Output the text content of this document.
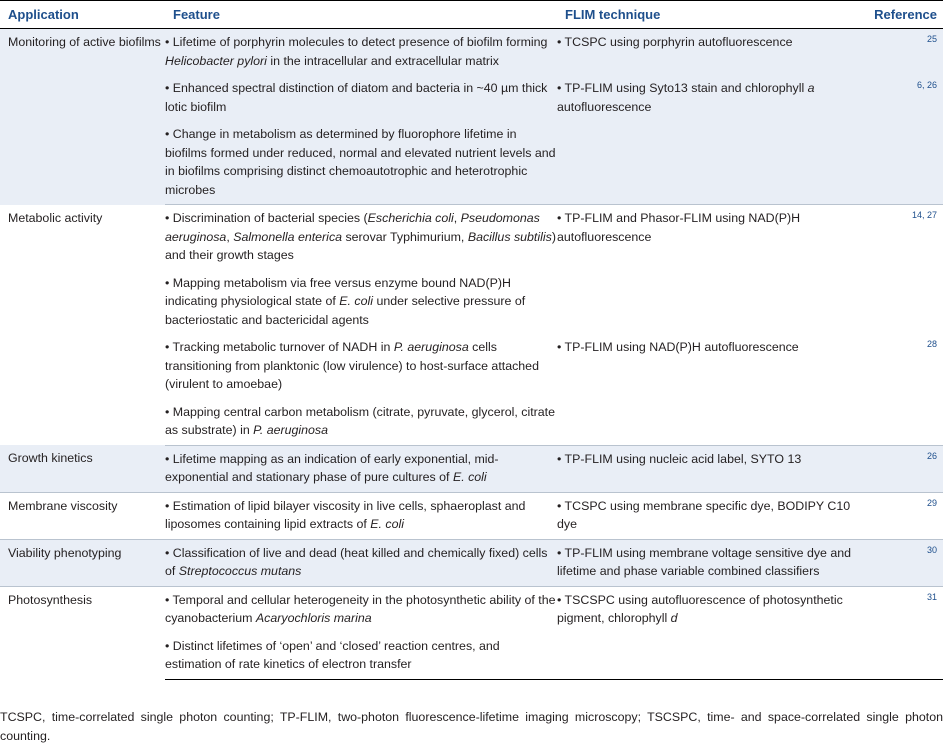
Application	Feature	FLIM technique	Reference
Monitoring of active biofilms	• Lifetime of porphyrin molecules to detect presence of biofilm forming Helicobacter pylori in the intracellular and extracellular matrix	• TCSPC using porphyrin autofluorescence	25

	• Enhanced spectral distinction of diatom and bacteria in ~40 µm thick lotic biofilm	• TP-FLIM using Syto13 stain and chlorophyll a autofluorescence	6, 26

	• Change in metabolism as determined by fluorophore lifetime in biofilms formed under reduced, normal and elevated nutrient levels and in biofilms comprising distinct chemoautotrophic and heterotrophic microbes		

Metabolic activity	• Discrimination of bacterial species (Escherichia coli, Pseudomonas aeruginosa, Salmonella enterica serovar Typhimurium, Bacillus subtilis) and their growth stages	• TP-FLIM and Phasor-FLIM using NAD(P)H autofluorescence	14, 27

	• Mapping metabolism via free versus enzyme bound NAD(P)H indicating physiological state of E. coli under selective pressure of bacteriostatic and bactericidal agents		

	• Tracking metabolic turnover of NADH in P. aeruginosa cells transitioning from planktonic (low virulence) to host-surface attached (virulent to amoebae)	• TP-FLIM using NAD(P)H autofluorescence	28

	• Mapping central carbon metabolism (citrate, pyruvate, glycerol, citrate as substrate) in P. aeruginosa		

Growth kinetics	• Lifetime mapping as an indication of early exponential, mid-exponential and stationary phase of pure cultures of E. coli	• TP-FLIM using nucleic acid label, SYTO 13	26
Membrane viscosity	• Estimation of lipid bilayer viscosity in live cells, sphaeroplast and liposomes containing lipid extracts of E. coli	• TCSPC using membrane specific dye, BODIPY C10 dye	29
Viability phenotyping	• Classification of live and dead (heat killed and chemically fixed) cells of Streptococcus mutans	• TP-FLIM using membrane voltage sensitive dye and lifetime and phase variable combined classifiers	30
Photosynthesis	• Temporal and cellular heterogeneity in the photosynthetic ability of the cyanobacterium Acaryochloris marina	• TSCSPC using autofluorescence of photosynthetic pigment, chlorophyll d	31

	• Distinct lifetimes of ‘open’ and ‘closed’ reaction centres, and estimation of rate kinetics of electron transfer		

TCSPC, time-correlated single photon counting; TP-FLIM, two-photon fluorescence-lifetime imaging microscopy; TSCSPC, time- and space-correlated single photon counting.
